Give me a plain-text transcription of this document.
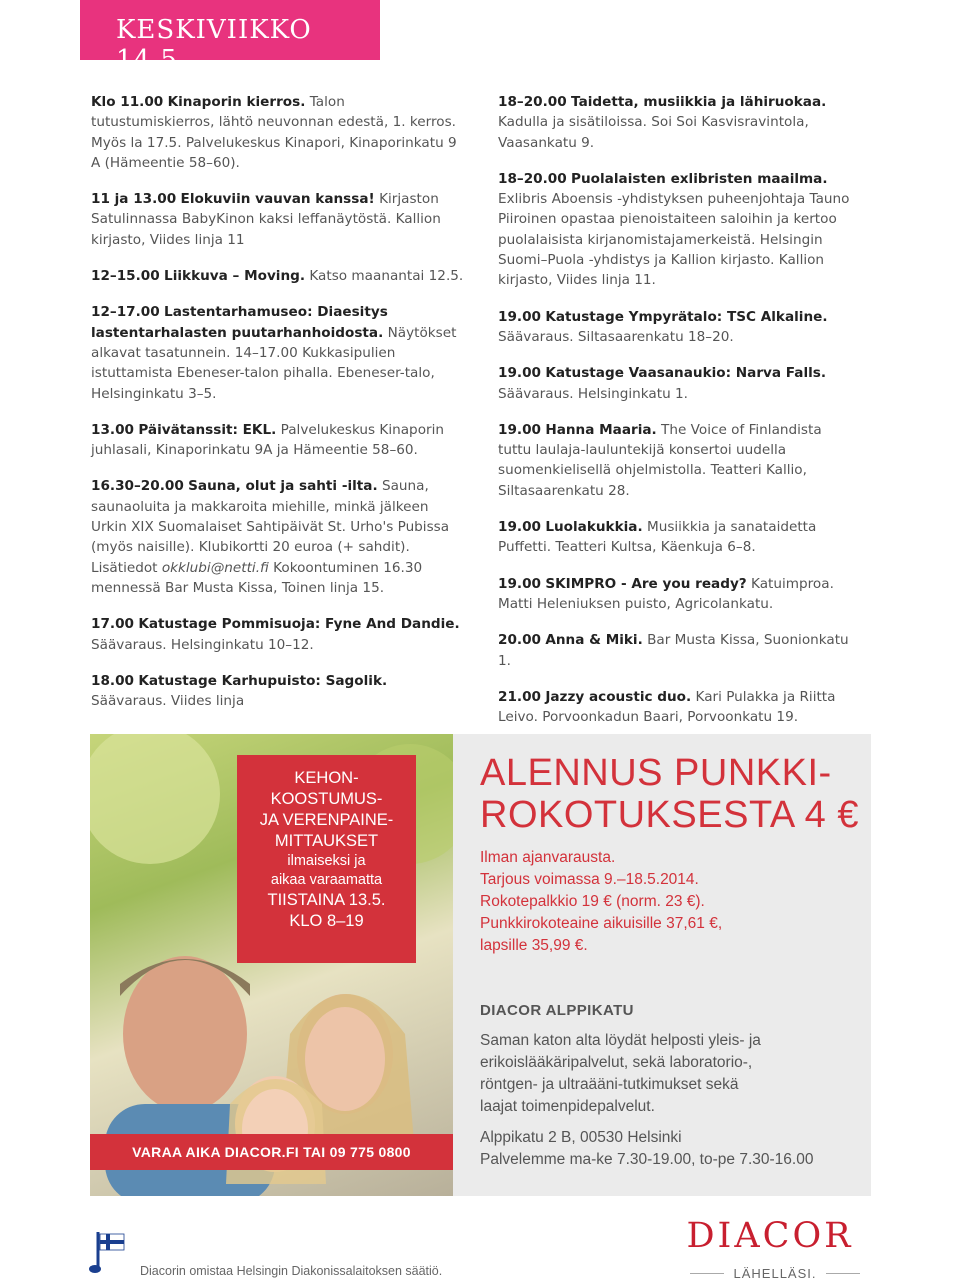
KESKIVIIKKO 14.5.

Klo 11.00 Kinaporin kierros. Talon tutustumiskierros, lähtö neuvonnan edestä, 1. kerros. Myös la 17.5. Palvelukeskus Kinapori, Kinaporinkatu 9 A (Hämeentie 58–60).

11 ja 13.00 Elokuviin vauvan kanssa! Kirjaston Satulinnassa BabyKinon kaksi leffanäytöstä. Kallion kirjasto, Viides linja 11

12–15.00 Liikkuva – Moving. Katso maanantai 12.5.

12–17.00 Lastentarhamuseo: Diaesitys lastentarhalasten puutarhanhoidosta. Näytökset alkavat tasatunnein. 14–17.00 Kukkasipulien istuttamista Ebeneser-talon pihalla. Ebeneser-talo, Helsinginkatu 3–5.

13.00 Päivätanssit: EKL. Palvelukeskus Kinaporin juhlasali, Kinaporinkatu 9A ja Hämeentie 58–60.

16.30–20.00 Sauna, olut ja sahti -ilta. Sauna, saunaoluita ja makkaroita miehille, minkä jälkeen Urkin XIX Suomalaiset Sahtipäivät St. Urho's Pubissa (myös naisille). Klubikortti 20 euroa (+ sahdit). Lisätiedot okklubi@netti.fi Kokoontuminen 16.30 mennessä Bar Musta Kissa, Toinen linja 15.

17.00 Katustage Pommisuoja: Fyne And Dandie.
Säävaraus. Helsinginkatu 10–12.

18.00 Katustage Karhupuisto: Sagolik.
Säävaraus. Viides linja

18–20.00 Taidetta, musiikkia ja lähiruokaa. Kadulla ja sisätiloissa. Soi Soi Kasvisravintola, Vaasankatu 9.

18–20.00 Puolalaisten exlibristen maailma.
Exlibris Aboensis -yhdistyksen puheenjohtaja Tauno Piiroinen opastaa pienoistaiteen saloihin ja kertoo puolalaisista kirjanomistajamerkeistä. Helsingin Suomi–Puola -yhdistys ja Kallion kirjasto. Kallion kirjasto, Viides linja 11.

19.00 Katustage Ympyrätalo: TSC Alkaline.
Säävaraus. Siltasaarenkatu 18–20.

19.00 Katustage Vaasanaukio: Narva Falls.
Säävaraus. Helsinginkatu 1.

19.00 Hanna Maaria. The Voice of Finlandista tuttu laulaja-lauluntekijä konsertoi uudella suomenkielisellä ohjelmistolla. Teatteri Kallio, Siltasaarenkatu 28.

19.00 Luolakukkia. Musiikkia ja sanataidetta Puffetti. Teatteri Kultsa, Käenkuja 6–8.

19.00 SKIMPRO - Are you ready? Katuimproa. Matti Heleniuksen puisto, Agricolankatu.

20.00 Anna & Miki. Bar Musta Kissa, Suonionkatu 1.

21.00 Jazzy acoustic duo. Kari Pulakka ja Riitta Leivo. Porvoonkadun Baari, Porvoonkatu 19.

KEHON-
KOOSTUMUS-
JA VERENPAINE-
MITTAUKSET
ilmaiseksi ja
aikaa varaamatta
TIISTAINA 13.5.
KLO 8–19
VARAA AIKA DIACOR.FI TAI 09 775 0800
ALENNUS PUNKKI-
ROKOTUKSESTA 4 €
Ilman ajanvarausta.
Tarjous voimassa 9.–18.5.2014.
Rokotepalkkio 19 € (norm. 23 €).
Punkkirokoteaine aikuisille 37,61 €,
lapsille 35,99 €.
DIACOR ALPPIKATU
Saman katon alta löydät helposti yleis- ja
erikoislääkäripalvelut, sekä laboratorio-,
röntgen- ja ultraääni-tutkimukset sekä
laajat toimenpidepalvelut.
Alppikatu 2 B, 00530 Helsinki
Palvelemme ma-ke 7.30-19.00, to-pe 7.30-16.00
Diacorin omistaa Helsingin Diakonissalaitoksen säätiö.
DIACOR
LÄHELLÄSI.
